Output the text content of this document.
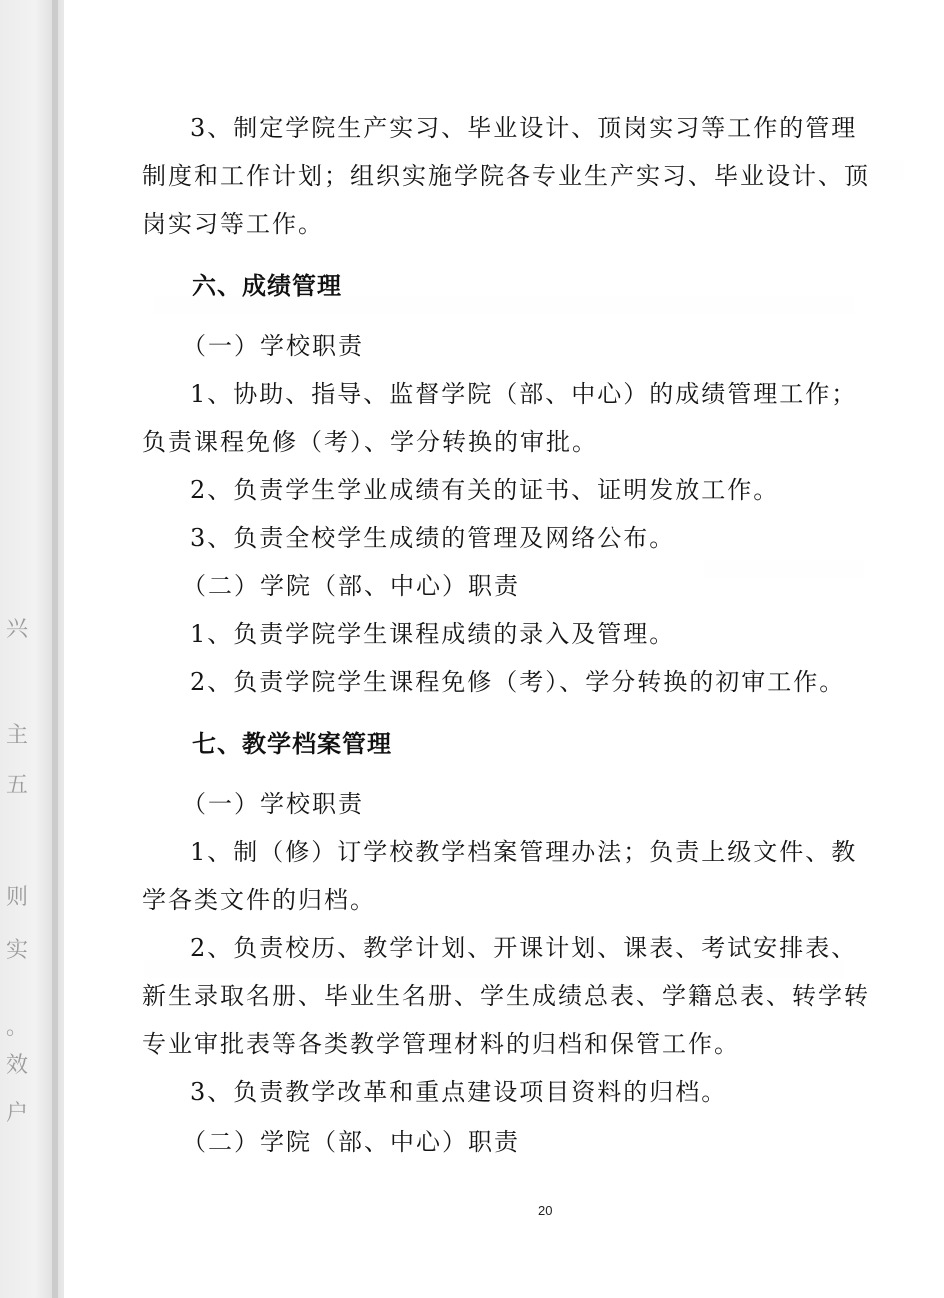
兴
主
五
则
实
。
效
户
3、制定学院生产实习、毕业设计、顶岗实习等工作的管理
制度和工作计划；组织实施学院各专业生产实习、毕业设计、顶
岗实习等工作。
六、成绩管理
（一）学校职责
1、协助、指导、监督学院（部、中心）的成绩管理工作；
负责课程免修（考）、学分转换的审批。
2、负责学生学业成绩有关的证书、证明发放工作。
3、负责全校学生成绩的管理及网络公布。
（二）学院（部、中心）职责
1、负责学院学生课程成绩的录入及管理。
2、负责学院学生课程免修（考）、学分转换的初审工作。
七、教学档案管理
（一）学校职责
1、制（修）订学校教学档案管理办法；负责上级文件、教
学各类文件的归档。
2、负责校历、教学计划、开课计划、课表、考试安排表、
新生录取名册、毕业生名册、学生成绩总表、学籍总表、转学转
专业审批表等各类教学管理材料的归档和保管工作。
3、负责教学改革和重点建设项目资料的归档。
（二）学院（部、中心）职责
20
